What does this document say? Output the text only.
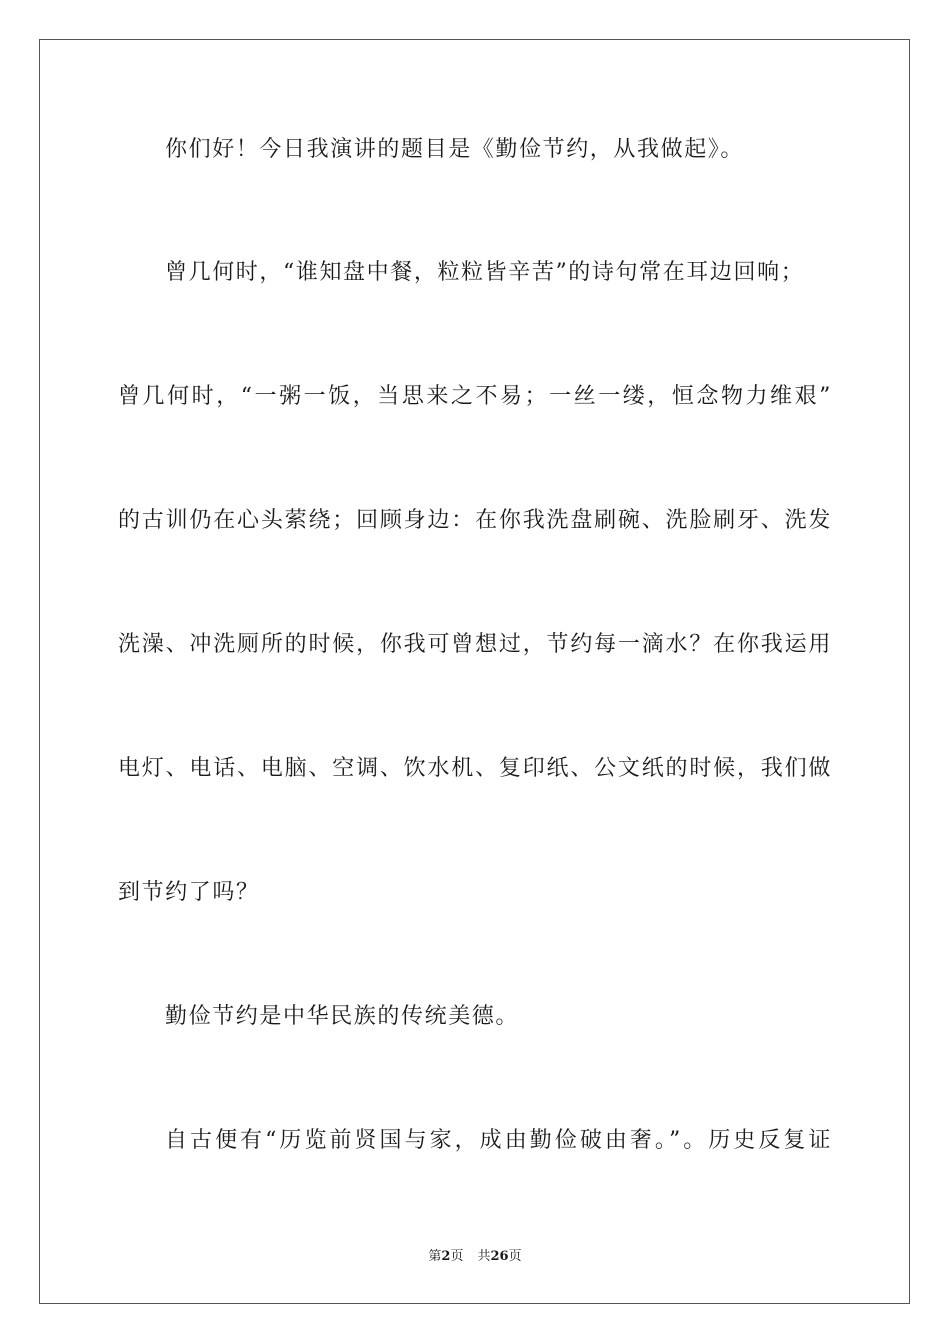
你们好！今日我演讲的题目是《勤俭节约，从我做起》。
曾几何时，“谁知盘中餐，粒粒皆辛苦”的诗句常在耳边回响；
曾几何时，“一粥一饭，当思来之不易；一丝一缕，恒念物力维艰”
的古训仍在心头萦绕；回顾身边：在你我洗盘刷碗、洗脸刷牙、洗发
洗澡、冲洗厕所的时候，你我可曾想过，节约每一滴水？在你我运用
电灯、电话、电脑、空调、饮水机、复印纸、公文纸的时候，我们做
到节约了吗？
勤俭节约是中华民族的传统美德。
自古便有“历览前贤国与家，成由勤俭破由奢。”。历史反复证
第2页 共26页
